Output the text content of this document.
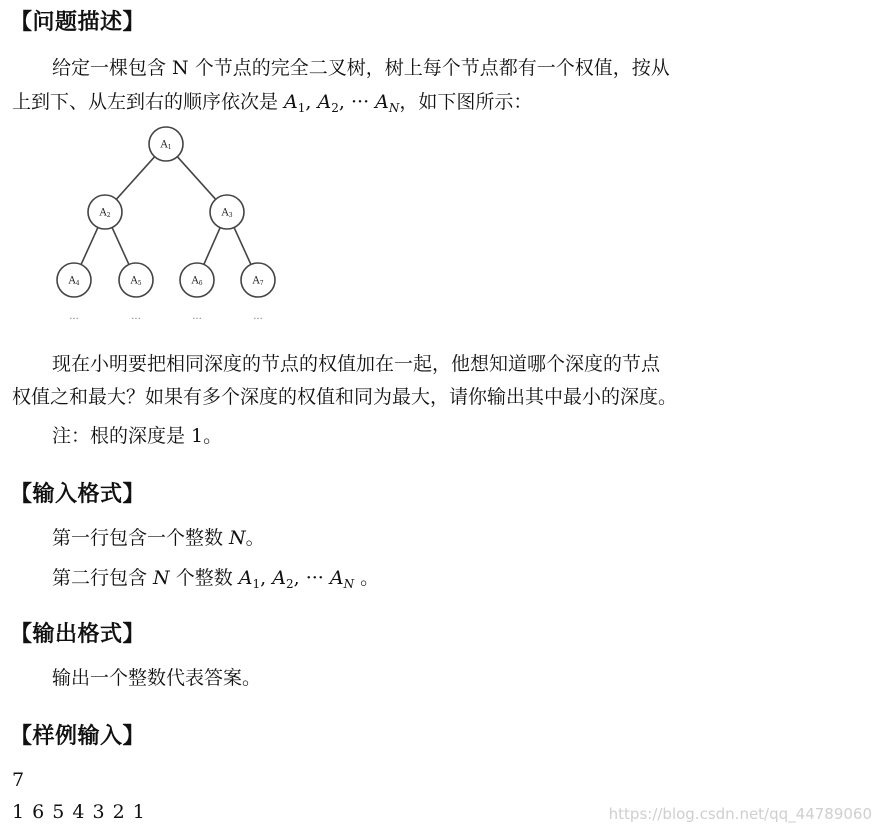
【问题描述】
给定一棵包含 N 个节点的完全二叉树，树上每个节点都有一个权值，按从
上到下、从左到右的顺序依次是 $A_1$, $A_2$, ··· $A_N$，如下图所示：
A1
A2	A3
A4	A5	A6	A7
···	···	···	···
现在小明要把相同深度的节点的权值加在一起，他想知道哪个深度的节点
权值之和最大？如果有多个深度的权值和同为最大，请你输出其中最小的深度。
注：根的深度是 1。
【输入格式】
第一行包含一个整数 N。
第二行包含 N 个整数 $A_1$, $A_2$, ··· $A_N$ 。
【输出格式】
输出一个整数代表答案。
【样例输入】
7
1 6 5 4 3 2 1	https://blog.csdn.net/qq_44789060
